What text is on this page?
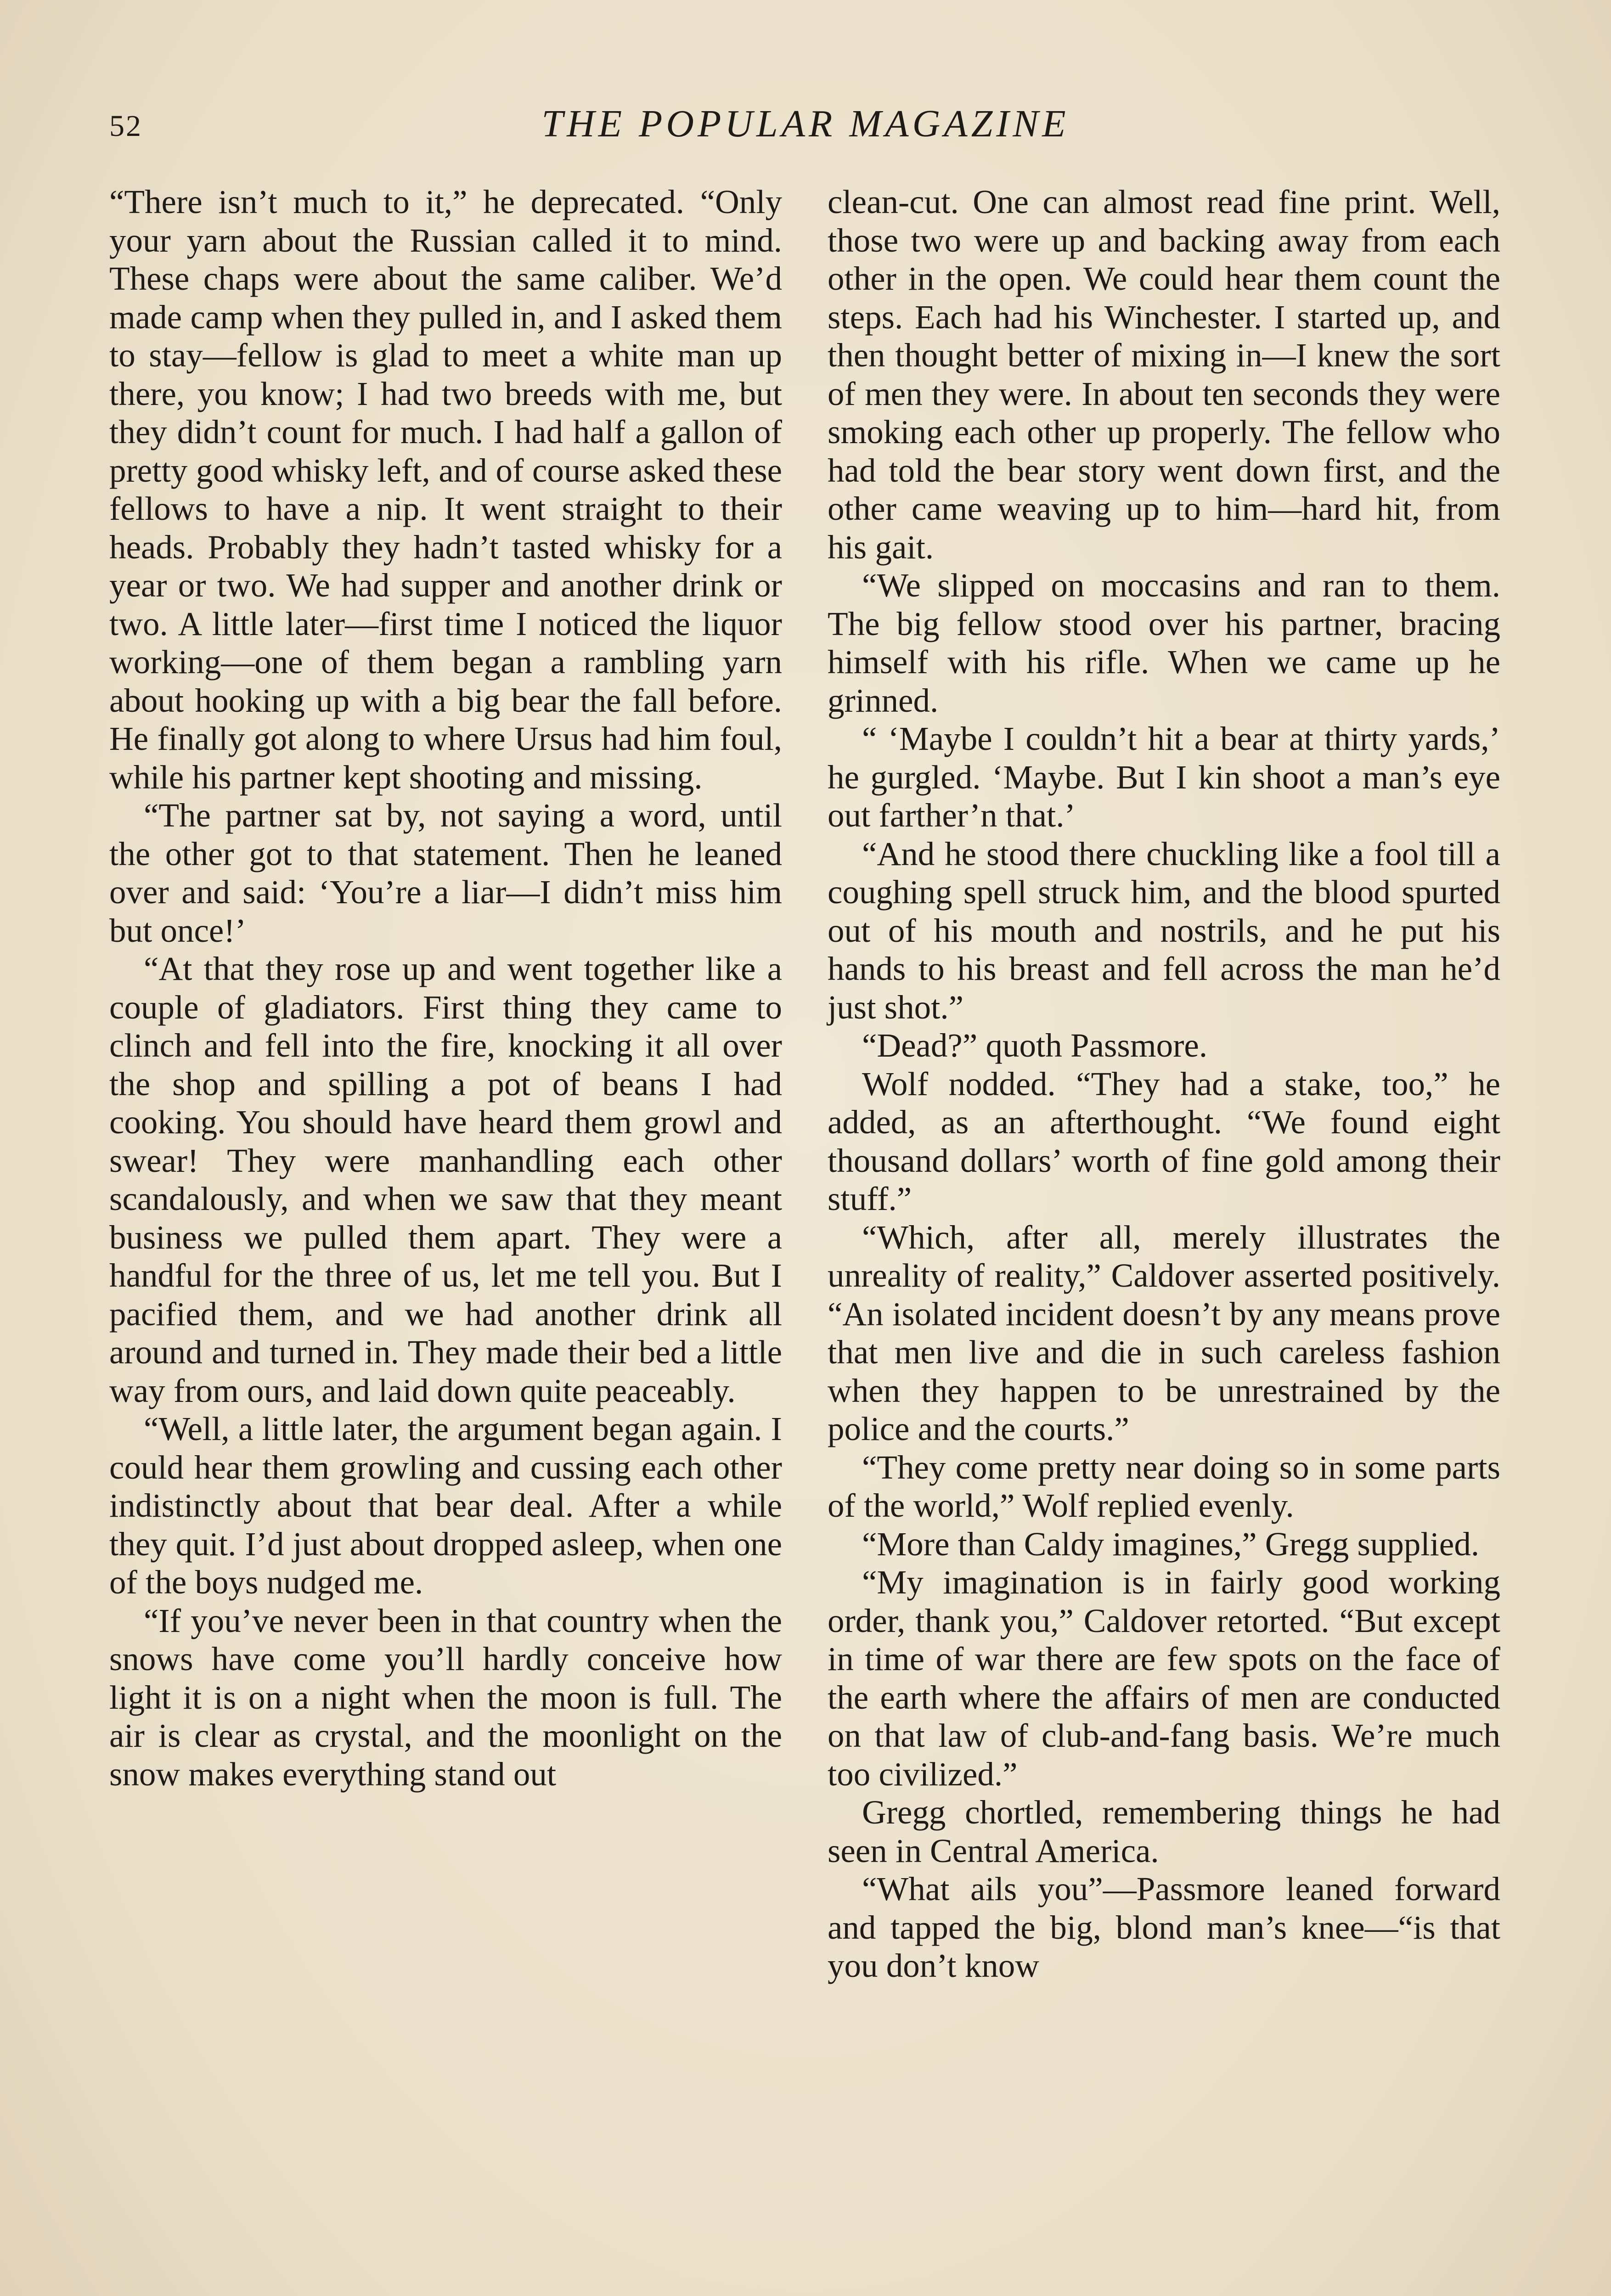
52	THE POPULAR MAGAZINE

“There isn’t much to it,” he deprecated. “Only your yarn about the Russian called it to mind. These chaps were about the same caliber. We’d made camp when they pulled in, and I asked them to stay—fellow is glad to meet a white man up there, you know; I had two breeds with me, but they didn’t count for much. I had half a gallon of pretty good whisky left, and of course asked these fellows to have a nip. It went straight to their heads. Probably they hadn’t tasted whisky for a year or two. We had supper and another drink or two. A little later—first time I noticed the liquor working—one of them began a rambling yarn about hooking up with a big bear the fall before. He finally got along to where Ursus had him foul, while his partner kept shooting and missing.

“The partner sat by, not saying a word, until the other got to that statement. Then he leaned over and said: ‘You’re a liar—I didn’t miss him but once!’

“At that they rose up and went together like a couple of gladiators. First thing they came to clinch and fell into the fire, knocking it all over the shop and spilling a pot of beans I had cooking. You should have heard them growl and swear! They were manhandling each other scandalously, and when we saw that they meant business we pulled them apart. They were a handful for the three of us, let me tell you. But I pacified them, and we had another drink all around and turned in. They made their bed a little way from ours, and laid down quite peaceably.

“Well, a little later, the argument began again. I could hear them growling and cussing each other indistinctly about that bear deal. After a while they quit. I’d just about dropped asleep, when one of the boys nudged me.

“If you’ve never been in that country when the snows have come you’ll hardly conceive how light it is on a night when the moon is full. The air is clear as crystal, and the moonlight on the snow makes everything stand out

clean-cut. One can almost read fine print. Well, those two were up and backing away from each other in the open. We could hear them count the steps. Each had his Winchester. I started up, and then thought better of mixing in—I knew the sort of men they were. In about ten seconds they were smoking each other up properly. The fellow who had told the bear story went down first, and the other came weaving up to him—hard hit, from his gait.

“We slipped on moccasins and ran to them. The big fellow stood over his partner, bracing himself with his rifle. When we came up he grinned.

“ ‘Maybe I couldn’t hit a bear at thirty yards,’ he gurgled. ‘Maybe. But I kin shoot a man’s eye out farther’n that.’

“And he stood there chuckling like a fool till a coughing spell struck him, and the blood spurted out of his mouth and nostrils, and he put his hands to his breast and fell across the man he’d just shot.”

“Dead?” quoth Passmore.

Wolf nodded. “They had a stake, too,” he added, as an afterthought. “We found eight thousand dollars’ worth of fine gold among their stuff.”

“Which, after all, merely illustrates the unreality of reality,” Caldover asserted positively. “An isolated incident doesn’t by any means prove that men live and die in such careless fashion when they happen to be unrestrained by the police and the courts.”

“They come pretty near doing so in some parts of the world,” Wolf replied evenly.

“More than Caldy imagines,” Gregg supplied.

“My imagination is in fairly good working order, thank you,” Caldover retorted. “But except in time of war there are few spots on the face of the earth where the affairs of men are conducted on that law of club-and-fang basis. We’re much too civilized.”

Gregg chortled, remembering things he had seen in Central America.

“What ails you”—Passmore leaned forward and tapped the big, blond man’s knee—“is that you don’t know
